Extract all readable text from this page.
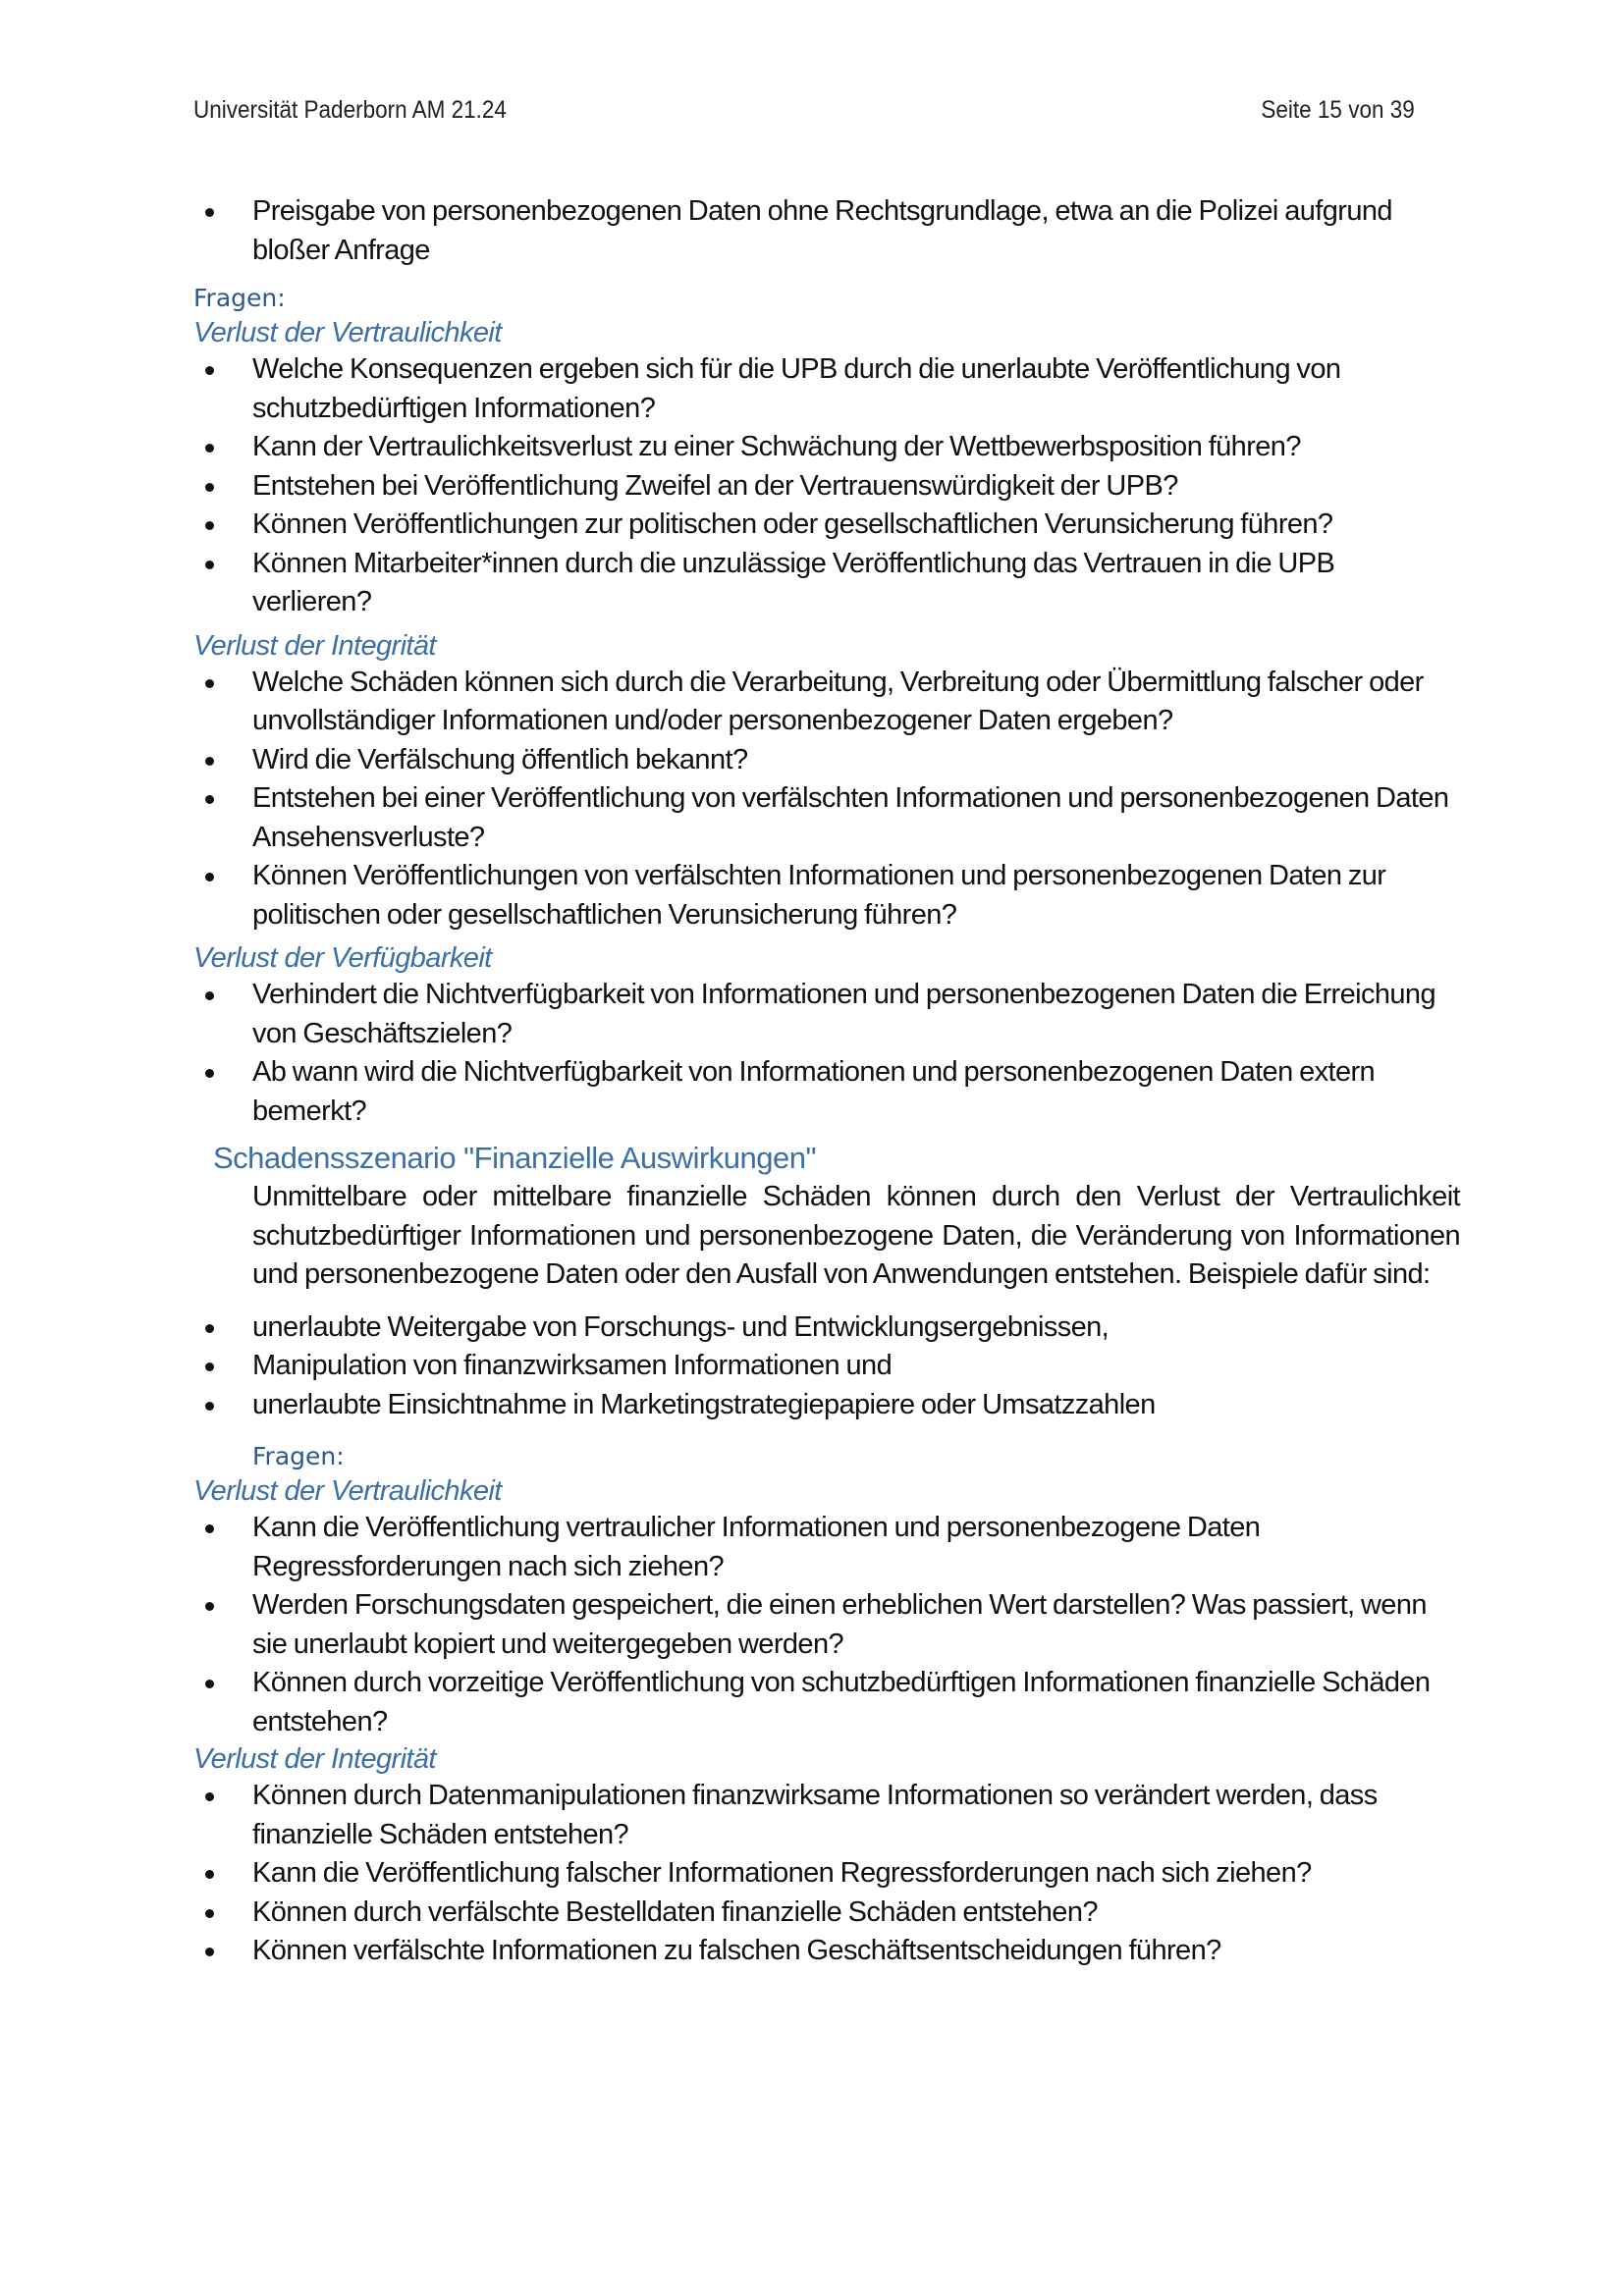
Universität Paderborn AM 21.24	Seite 15 von 39
Preisgabe von personenbezogenen Daten ohne Rechtsgrundlage, etwa an die Polizei aufgrund bloßer Anfrage
Fragen:
Verlust der Vertraulichkeit
Welche Konsequenzen ergeben sich für die UPB durch die unerlaubte Veröffentlichung von schutzbedürftigen Informationen?
Kann der Vertraulichkeitsverlust zu einer Schwächung der Wettbewerbsposition führen?
Entstehen bei Veröffentlichung Zweifel an der Vertrauenswürdigkeit der UPB?
Können Veröffentlichungen zur politischen oder gesellschaftlichen Verunsicherung führen?
Können Mitarbeiter*innen durch die unzulässige Veröffentlichung das Vertrauen in die UPB verlieren?
Verlust der Integrität
Welche Schäden können sich durch die Verarbeitung, Verbreitung oder Übermittlung falscher oder unvollständiger Informationen und/oder personenbezogener Daten ergeben?
Wird die Verfälschung öffentlich bekannt?
Entstehen bei einer Veröffentlichung von verfälschten Informationen und personenbezogenen Daten Ansehensverluste?
Können Veröffentlichungen von verfälschten Informationen und personenbezogenen Daten zur politischen oder gesellschaftlichen Verunsicherung führen?
Verlust der Verfügbarkeit
Verhindert die Nichtverfügbarkeit von Informationen und personenbezogenen Daten die Erreichung von Geschäftszielen?
Ab wann wird die Nichtverfügbarkeit von Informationen und personenbezogenen Daten extern bemerkt?
Schadensszenario "Finanzielle Auswirkungen"
Unmittelbare oder mittelbare finanzielle Schäden können durch den Verlust der Vertraulichkeit schutzbedürftiger Informationen und personenbezogene Daten, die Veränderung von Informationen und personenbezogene Daten oder den Ausfall von Anwendungen entstehen. Beispiele dafür sind:
unerlaubte Weitergabe von Forschungs- und Entwicklungsergebnissen,
Manipulation von finanzwirksamen Informationen und
unerlaubte Einsichtnahme in Marketingstrategiepapiere oder Umsatzzahlen
Fragen:
Verlust der Vertraulichkeit
Kann die Veröffentlichung vertraulicher Informationen und personenbezogene Daten Regressforderungen nach sich ziehen?
Werden Forschungsdaten gespeichert, die einen erheblichen Wert darstellen? Was passiert, wenn sie unerlaubt kopiert und weitergegeben werden?
Können durch vorzeitige Veröffentlichung von schutzbedürftigen Informationen finanzielle Schäden entstehen?
Verlust der Integrität
Können durch Datenmanipulationen finanzwirksame Informationen so verändert werden, dass finanzielle Schäden entstehen?
Kann die Veröffentlichung falscher Informationen Regressforderungen nach sich ziehen?
Können durch verfälschte Bestelldaten finanzielle Schäden entstehen?
Können verfälschte Informationen zu falschen Geschäftsentscheidungen führen?
